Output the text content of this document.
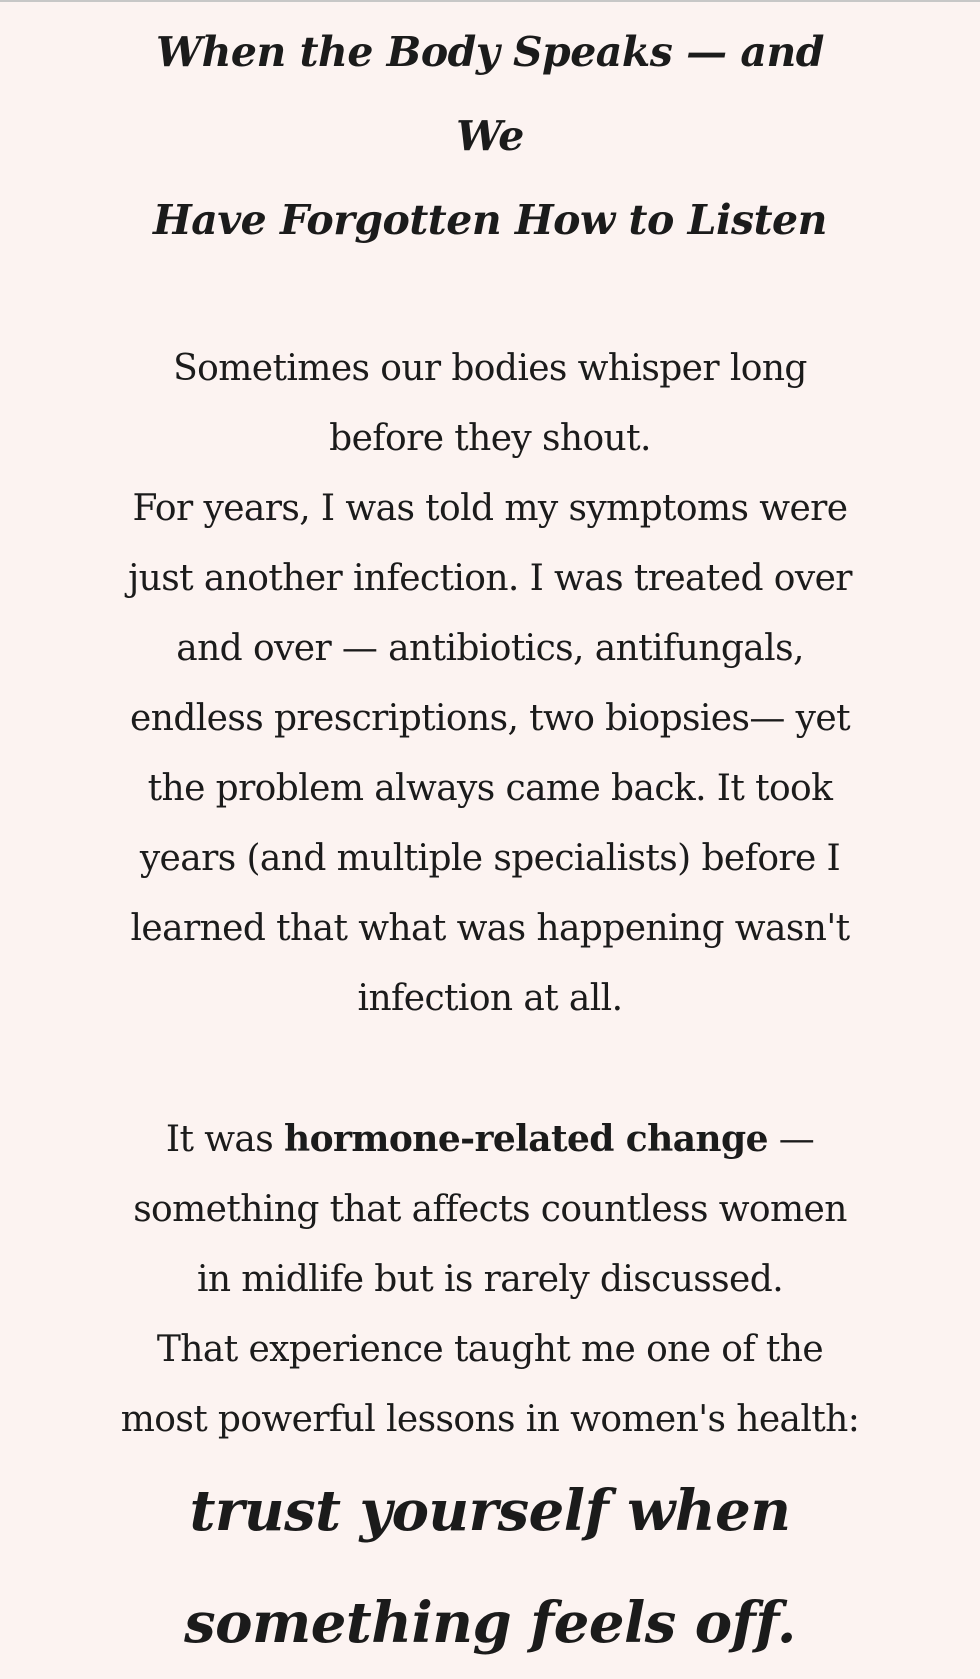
When the Body Speaks — and We
Have Forgotten How to Listen

Sometimes our bodies whisper long before they shout.
For years, I was told my symptoms were just another infection. I was treated over and over — antibiotics, antifungals, endless prescriptions, two biopsies— yet the problem always came back. It took years (and multiple specialists) before I learned that what was happening wasn't infection at all.

It was hormone-related change — something that affects countless women in midlife but is rarely discussed.
That experience taught me one of the most powerful lessons in women's health: trust yourself when something feels off.
